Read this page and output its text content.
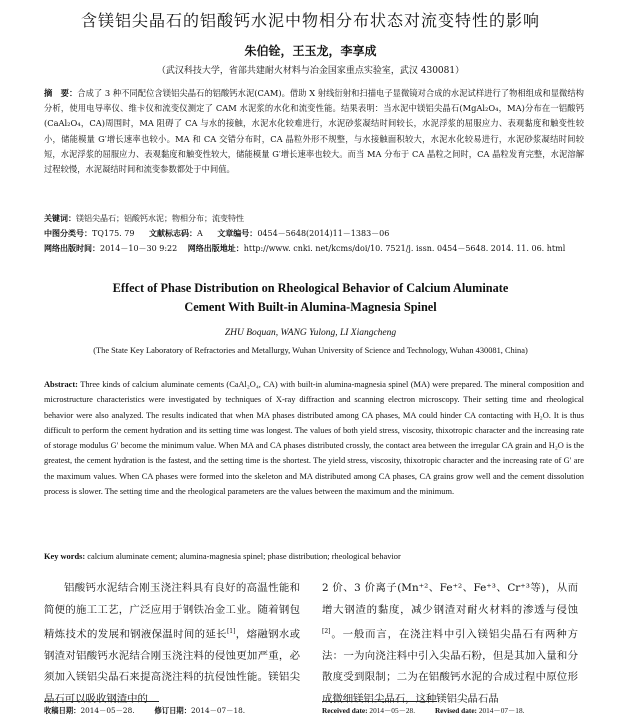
含镁铝尖晶石的铝酸钙水泥中物相分布状态对流变特性的影响
朱伯铨，王玉龙，李享成
（武汉科技大学，省部共建耐火材料与冶金国家重点实验室，武汉 430081）
摘　要：合成了 3 种不同配位含镁铝尖晶石的铝酸钙水泥(CAM)。借助 X 射线衍射和扫描电子显微镜对合成的水泥试样进行了物相组成和显微结构分析，使用电导率仪、维卡仪和流变仪测定了 CAM 水泥浆的水化和流变性能。结果表明：当水泥中镁铝尖晶石(MgAl₂O₄，MA)分布在一铝酸钙(CaAl₂O₄，CA)周围时，MA 阻碍了 CA 与水的接触，水泥水化较难进行，水泥砂浆凝结时间较长，水泥浮浆的屈服应力、表观黏度和触变性较小，储能模量 G′增长速率也较小。MA 和 CA 交错分布时，CA 晶粒外形不规整，与水接触面积较大，水泥水化较易进行，水泥砂浆凝结时间较短，水泥浮浆的屈服应力、表观黏度和触变性较大，储能模量 G′增长速率也较大。而当 MA 分布于 CA 晶粒之间时，CA 晶粒发育完整，水泥溶解过程较慢，水泥凝结时间和流变参数都处于中间值。
关键词：镁铝尖晶石；铝酸钙水泥；物相分布；流变特性
中图分类号：TQ175. 79 文献标志码：A 文章编号：0454－5648(2014)11－1383－06
网络出版时间：2014－10－30 9:22 网络出版地址：http://www. cnki. net/kcms/doi/10. 7521/j. issn. 0454－5648. 2014. 11. 06. html
Effect of Phase Distribution on Rheological Behavior of Calcium Aluminate
Cement With Built-in Alumina-Magnesia Spinel
ZHU Boquan, WANG Yulong, LI Xiangcheng
(The State Key Laboratory of Refractories and Metallurgy, Wuhan University of Science and Technology, Wuhan 430081, China)
Abstract: Three kinds of calcium aluminate cements (CaAl₂O₄, CA) with built-in alumina-magnesia spinel (MA) were prepared. The mineral composition and microstructure characteristics were investigated by techniques of X-ray diffraction and scanning electron microscopy. Their setting time and rheological behavior were also analyzed. The results indicated that when MA phases distributed among CA phases, MA could hinder CA contacting with H₂O. It is thus difficult to perform the cement hydration and its setting time was longest. The values of both yield stress, viscosity, thixotropic character and the increasing rate of storage modulus G′ become the minimum value. When MA and CA phases distributed crossly, the contact area between the irregular CA grain and H₂O is the greatest, the cement hydration is the fastest, and the setting time is the shortest. The yield stress, viscosity, thixotropic character and the increasing rate of G′ are the maximum values. When CA phases were formed into the skeleton and MA distributed among CA phases, CA grains grow well and the cement dissolution process is slower. The setting time and the rheological parameters are the values between the maximum and the minimum.
Key words: calcium aluminate cement; alumina-magnesia spinel; phase distribution; rheological behavior
铝酸钙水泥结合刚玉浇注料具有良好的高温性能和简便的施工工艺，广泛应用于钢铁冶金工业。随着钢包精炼技术的发展和钢液保温时间的延长[1]，熔融钢水或钢渣对铝酸钙水泥结合刚玉浇注料的侵蚀更加严重，必须加入镁铝尖晶石来提高浇注料的抗侵蚀性能。镁铝尖晶石可以吸收钢渣中的
2 价、3 价离子(Mn⁺²、Fe⁺²、Fe⁺³、Cr⁺³等)，从而增大钢渣的黏度，减少钢渣对耐火材料的渗透与侵蚀[2]。一般而言，在浇注料中引入镁铝尖晶石有两种方法：一为向浇注料中引入尖晶石粉，但是其加入量和分散度受到限制；二为在铝酸钙水泥的合成过程中原位形成微细镁铝尖晶石，这种镁铝尖晶石晶
收稿日期：2014－05－28.	修订日期：2014－07－18.	Received date: 2014－05－28.	Revised date: 2014－07－18.
